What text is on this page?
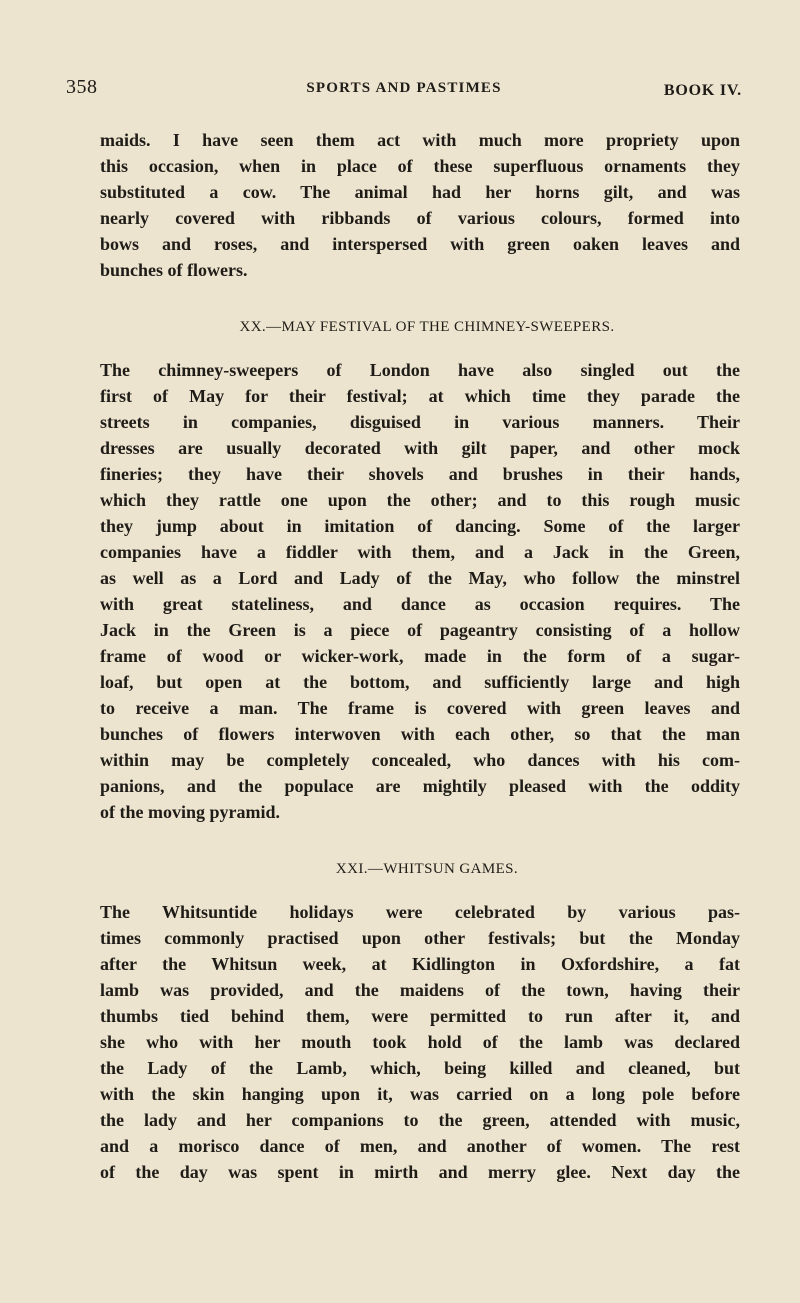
358	SPORTS AND PASTIMES	BOOK IV.
maids. I have seen them act with much more propriety upon
this occasion, when in place of these superfluous ornaments they
substituted a cow. The animal had her horns gilt, and was
nearly covered with ribbands of various colours, formed into
bows and roses, and interspersed with green oaken leaves and
bunches of flowers.
XX.—MAY FESTIVAL OF THE CHIMNEY-SWEEPERS.
The chimney-sweepers of London have also singled out the
first of May for their festival; at which time they parade the
streets in companies, disguised in various manners. Their
dresses are usually decorated with gilt paper, and other mock
fineries; they have their shovels and brushes in their hands,
which they rattle one upon the other; and to this rough music
they jump about in imitation of dancing. Some of the larger
companies have a fiddler with them, and a Jack in the Green,
as well as a Lord and Lady of the May, who follow the minstrel
with great stateliness, and dance as occasion requires. The
Jack in the Green is a piece of pageantry consisting of a hollow
frame of wood or wicker-work, made in the form of a sugar-
loaf, but open at the bottom, and sufficiently large and high
to receive a man. The frame is covered with green leaves and
bunches of flowers interwoven with each other, so that the man
within may be completely concealed, who dances with his com-
panions, and the populace are mightily pleased with the oddity
of the moving pyramid.
XXI.—WHITSUN GAMES.
The Whitsuntide holidays were celebrated by various pas-
times commonly practised upon other festivals; but the Monday
after the Whitsun week, at Kidlington in Oxfordshire, a fat
lamb was provided, and the maidens of the town, having their
thumbs tied behind them, were permitted to run after it, and
she who with her mouth took hold of the lamb was declared
the Lady of the Lamb, which, being killed and cleaned, but
with the skin hanging upon it, was carried on a long pole before
the lady and her companions to the green, attended with music,
and a morisco dance of men, and another of women. The rest
of the day was spent in mirth and merry glee. Next day the
